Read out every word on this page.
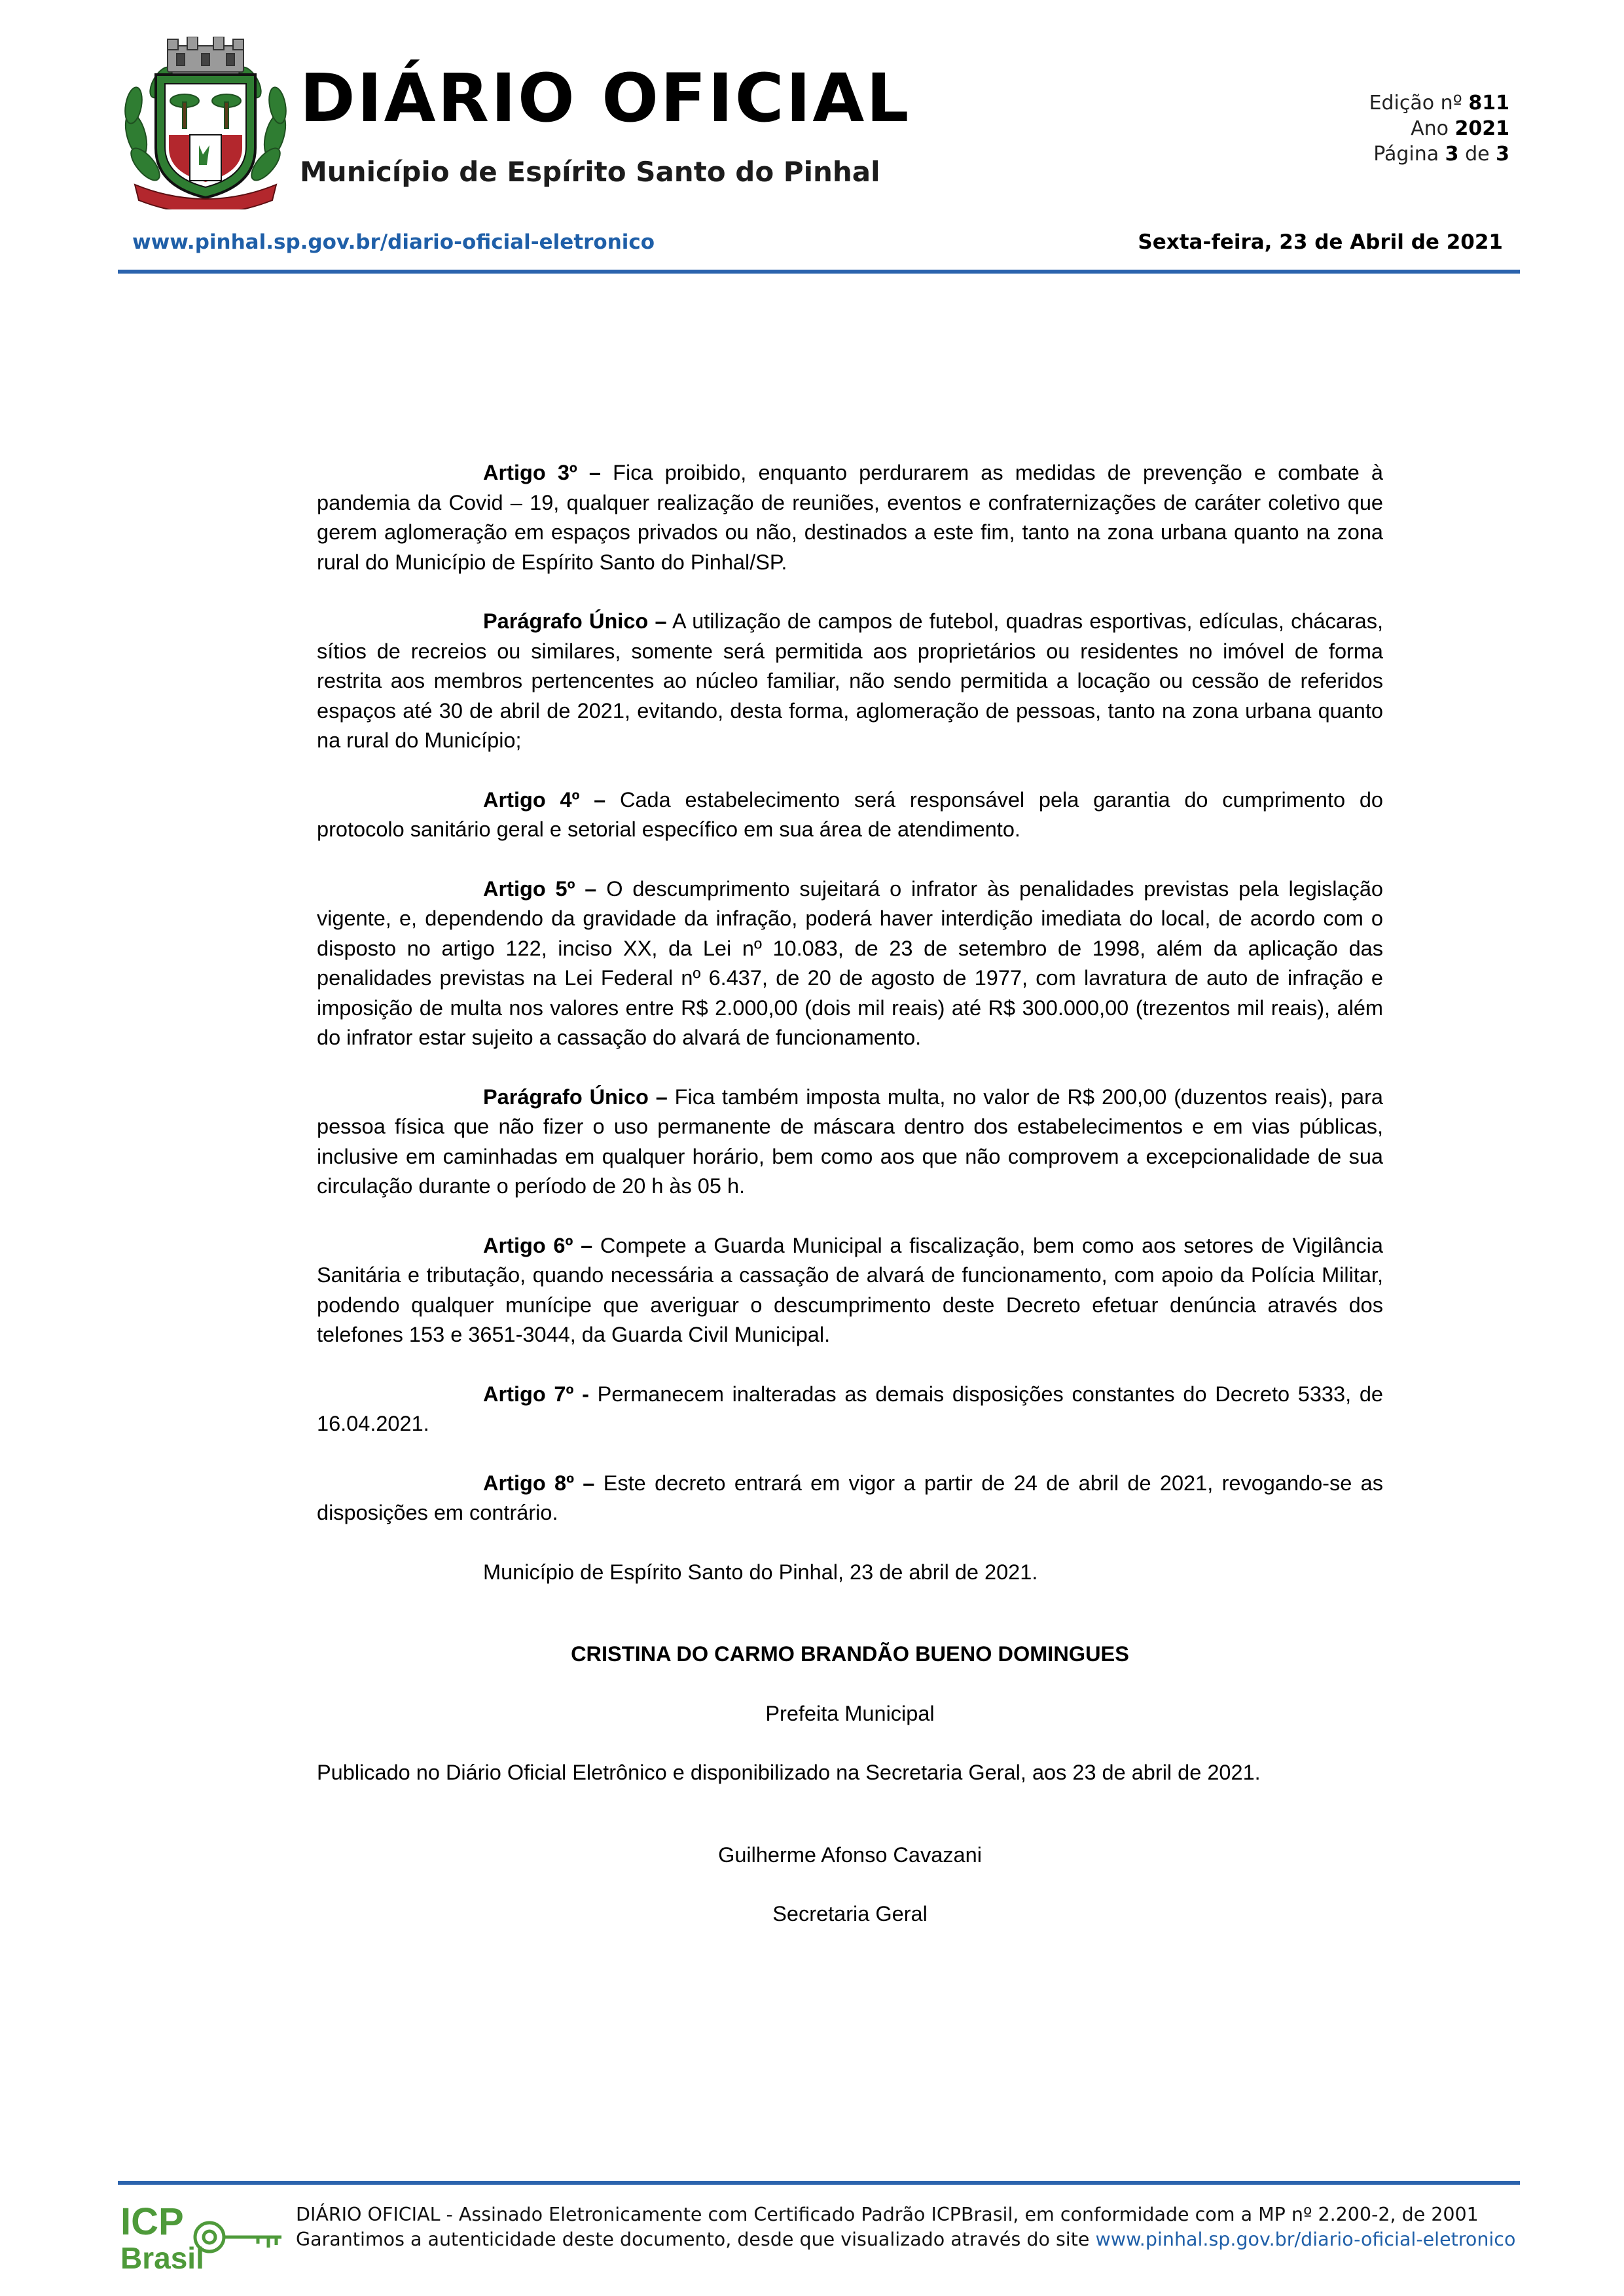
DIÁRIO OFICIAL
Município de Espírito Santo do Pinhal
Edição nº 811
Ano 2021
Página 3 de 3
www.pinhal.sp.gov.br/diario-oficial-eletronico	Sexta-feira, 23 de Abril de 2021

Artigo 3º – Fica proibido, enquanto perdurarem as medidas de prevenção e combate à pandemia da Covid – 19, qualquer realização de reuniões, eventos e confraternizações de caráter coletivo que gerem aglomeração em espaços privados ou não, destinados a este fim, tanto na zona urbana quanto na zona rural do Município de Espírito Santo do Pinhal/SP.

Parágrafo Único – A utilização de campos de futebol, quadras esportivas, edículas, chácaras, sítios de recreios ou similares, somente será permitida aos proprietários ou residentes no imóvel de forma restrita aos membros pertencentes ao núcleo familiar, não sendo permitida a locação ou cessão de referidos espaços até 30 de abril de 2021, evitando, desta forma, aglomeração de pessoas, tanto na zona urbana quanto na rural do Município;

Artigo 4º – Cada estabelecimento será responsável pela garantia do cumprimento do protocolo sanitário geral e setorial específico em sua área de atendimento.

Artigo 5º – O descumprimento sujeitará o infrator às penalidades previstas pela legislação vigente, e, dependendo da gravidade da infração, poderá haver interdição imediata do local, de acordo com o disposto no artigo 122, inciso XX, da Lei nº 10.083, de 23 de setembro de 1998, além da aplicação das penalidades previstas na Lei Federal nº 6.437, de 20 de agosto de 1977, com lavratura de auto de infração e imposição de multa nos valores entre R$ 2.000,00 (dois mil reais) até R$ 300.000,00 (trezentos mil reais), além do infrator estar sujeito a cassação do alvará de funcionamento.

Parágrafo Único – Fica também imposta multa, no valor de R$ 200,00 (duzentos reais), para pessoa física que não fizer o uso permanente de máscara dentro dos estabelecimentos e em vias públicas, inclusive em caminhadas em qualquer horário, bem como aos que não comprovem a excepcionalidade de sua circulação durante o período de 20 h às 05 h.

Artigo 6º – Compete a Guarda Municipal a fiscalização, bem como aos setores de Vigilância Sanitária e tributação, quando necessária a cassação de alvará de funcionamento, com apoio da Polícia Militar, podendo qualquer munícipe que averiguar o descumprimento deste Decreto efetuar denúncia através dos telefones 153 e 3651-3044, da Guarda Civil Municipal.

Artigo 7º - Permanecem inalteradas as demais disposições constantes do Decreto 5333, de 16.04.2021.

Artigo 8º – Este decreto entrará em vigor a partir de 24 de abril de 2021, revogando-se as disposições em contrário.

Município de Espírito Santo do Pinhal, 23 de abril de 2021.

CRISTINA DO CARMO BRANDÃO BUENO DOMINGUES

Prefeita Municipal

Publicado no Diário Oficial Eletrônico e disponibilizado na Secretaria Geral, aos 23 de abril de 2021.

Guilherme Afonso Cavazani

Secretaria Geral

ICP
Brasil
DIÁRIO OFICIAL - Assinado Eletronicamente com Certificado Padrão ICPBrasil, em conformidade com a MP nº 2.200-2, de 2001
Garantimos a autenticidade deste documento, desde que visualizado através do site www.pinhal.sp.gov.br/diario-oficial-eletronico
